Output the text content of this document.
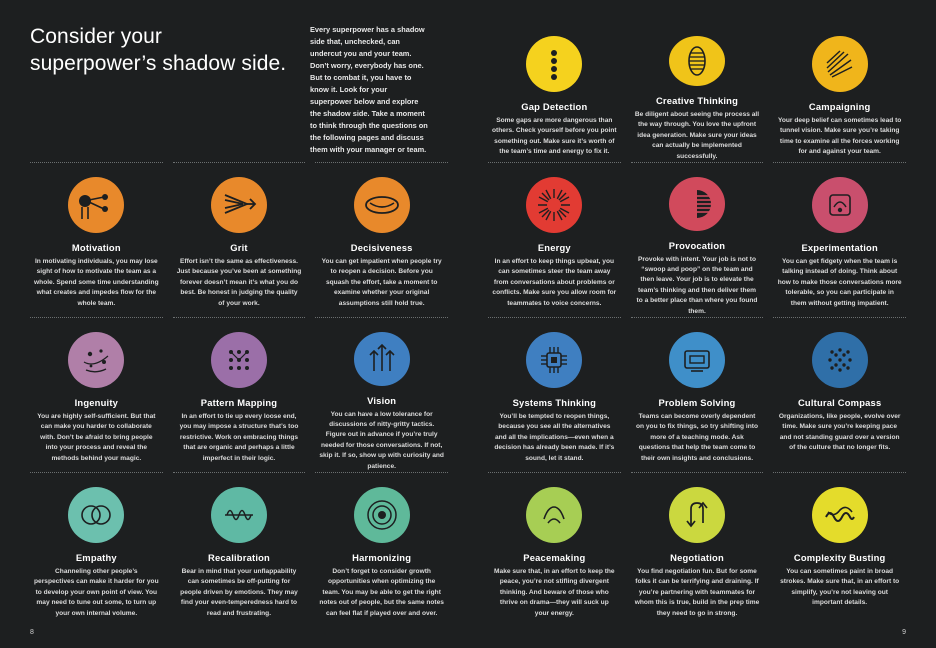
Consider your superpower’s shadow side.
Every superpower has a shadow side that, unchecked, can undercut you and your team. Don’t worry, everybody has one. But to combat it, you have to know it. Look for your superpower below and explore the shadow side. Take a moment to think through the questions on the following pages and discuss them with your manager or team.
Motivation
In motivating individuals, you may lose sight of how to motivate the team as a whole. Spend some time understanding what creates and impedes flow for the whole team.
Grit
Effort isn’t the same as effectiveness. Just because you’ve been at something forever doesn’t mean it’s what you do best. Be honest in judging the quality of your work.
Decisiveness
You can get impatient when people try to reopen a decision. Before you squash the effort, take a moment to examine whether your original assumptions still hold true.
Ingenuity
You are highly self-sufficient. But that can make you harder to collaborate with. Don’t be afraid to bring people into your process and reveal the methods behind your magic.
Pattern Mapping
In an effort to tie up every loose end, you may impose a structure that’s too restrictive. Work on embracing things that are organic and perhaps a little imperfect in their logic.
Vision
You can have a low tolerance for discussions of nitty-gritty tactics. Figure out in advance if you’re truly needed for those conversations. If not, skip it. If so, show up with curiosity and patience.
Empathy
Channeling other people’s perspectives can make it harder for you to develop your own point of view. You may need to tune out some, to turn up your own internal volume.
Recalibration
Bear in mind that your unflappability can sometimes be off-putting for people driven by emotions. They may find your even-temperedness hard to read and frustrating.
Harmonizing
Don’t forget to consider growth opportunities when optimizing the team. You may be able to get the right notes out of people, but the same notes can feel flat if played over and over.
8
Gap Detection
Some gaps are more dangerous than others. Check yourself before you point something out. Make sure it’s worth of the team’s time and energy to fix it.
Creative Thinking
Be diligent about seeing the process all the way through. You love the upfront idea generation. Make sure your ideas can actually be implemented successfully.
Campaigning
Your deep belief can sometimes lead to tunnel vision. Make sure you’re taking time to examine all the forces working for and against your team.
Energy
In an effort to keep things upbeat, you can sometimes steer the team away from conversations about problems or conflicts. Make sure you allow room for teammates to voice concerns.
Provocation
Provoke with intent. Your job is not to “swoop and poop” on the team and then leave. Your job is to elevate the team’s thinking and then deliver them to a better place than where you found them.
Experimentation
You can get fidgety when the team is talking instead of doing. Think about how to make those conversations more tolerable, so you can participate in them without getting impatient.
Systems Thinking
You’ll be tempted to reopen things, because you see all the alternatives and all the implications—even when a decision has already been made. If it’s sound, let it stand.
Problem Solving
Teams can become overly dependent on you to fix things, so try shifting into more of a teaching mode. Ask questions that help the team come to their own insights and conclusions.
Cultural Compass
Organizations, like people, evolve over time. Make sure you’re keeping pace and not standing guard over a version of the culture that no longer fits.
Peacemaking
Make sure that, in an effort to keep the peace, you’re not stifling divergent thinking. And beware of those who thrive on drama—they will suck up your energy.
Negotiation
You find negotiation fun. But for some folks it can be terrifying and draining. If you’re partnering with teammates for whom this is true, build in the prep time they need to go in strong.
Complexity Busting
You can sometimes paint in broad strokes. Make sure that, in an effort to simplify, you’re not leaving out important details.
9
